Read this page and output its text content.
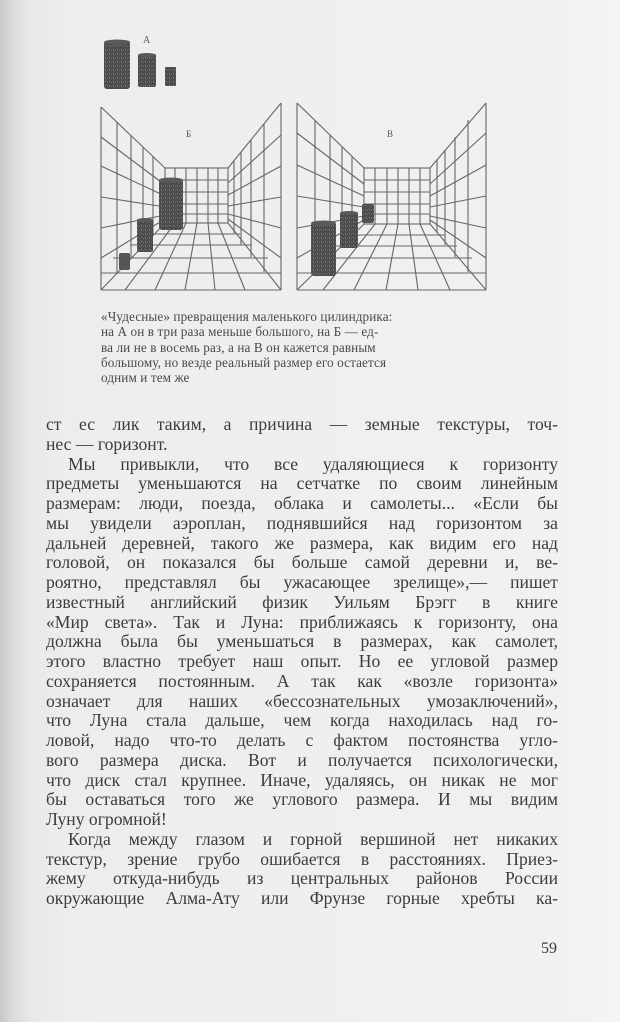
А
Б	В
«Чудесные» превращения маленького цилиндрика:
на А он в три раза меньше большого, на Б — ед-
ва ли не в восемь раз, а на В он кажется равным
большому, но везде реальный размер его остается
одним и тем же
ст ес лик таким, а причина — земные текстуры, точ-
нес — горизонт.
Мы привыкли, что все удаляющиеся к горизонту
предметы уменьшаются на сетчатке по своим линейным
размерам: люди, поезда, облака и самолеты... «Если бы
мы увидели аэроплан, поднявшийся над горизонтом за
дальней деревней, такого же размера, как видим его над
головой, он показался бы больше самой деревни и, ве-
роятно, представлял бы ужасающее зрелище»,— пишет
известный английский физик Уильям Брэгг в книге
«Мир света». Так и Луна: приближаясь к горизонту, она
должна была бы уменьшаться в размерах, как самолет,
этого властно требует наш опыт. Но ее угловой размер
сохраняется постоянным. А так как «возле горизонта»
означает для наших «бессознательных умозаключений»,
что Луна стала дальше, чем когда находилась над го-
ловой, надо что-то делать с фактом постоянства угло-
вого размера диска. Вот и получается психологически,
что диск стал крупнее. Иначе, удаляясь, он никак не мог
бы оставаться того же углового размера. И мы видим
Луну огромной!
Когда между глазом и горной вершиной нет никаких
текстур, зрение грубо ошибается в расстояниях. Приез-
жему откуда-нибудь из центральных районов России
окружающие Алма-Ату или Фрунзе горные хребты ка-
59
